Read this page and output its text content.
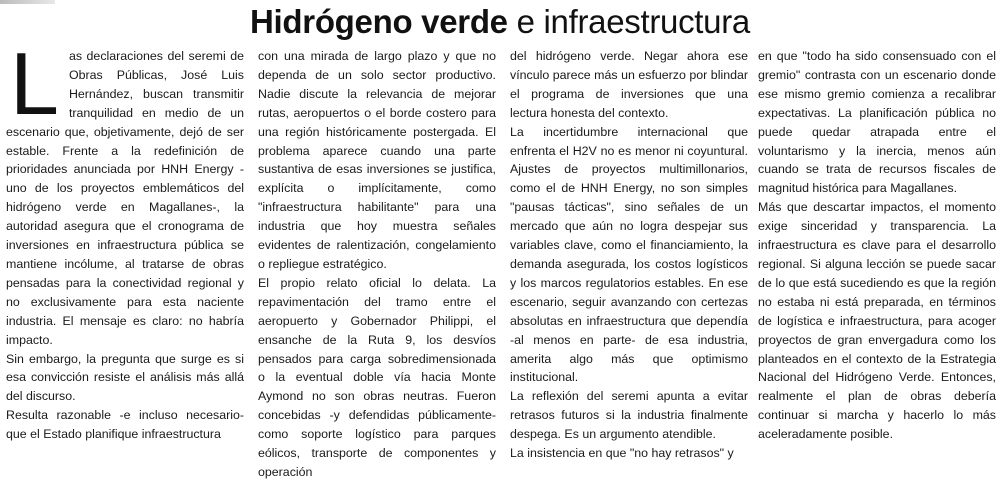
Hidrógeno verde e infraestructura
L as declaraciones del seremi de Obras Públicas, José Luis Hernández, buscan transmitir tranquilidad en medio de un escenario que, objetivamente, dejó de ser estable. Frente a la redefinición de prioridades anunciada por HNH Energy -uno de los proyectos emblemáticos del hidrógeno verde en Magallanes-, la autoridad asegura que el cronograma de inversiones en infraestructura pública se mantiene incólume, al tratarse de obras pensadas para la conectividad regional y no exclusivamente para esta naciente industria. El mensaje es claro: no habría impacto.

Sin embargo, la pregunta que surge es si esa convicción resiste el análisis más allá del discurso.

Resulta razonable -e incluso necesario- que el Estado planifique infraestructura

con una mirada de largo plazo y que no dependa de un solo sector productivo. Nadie discute la relevancia de mejorar rutas, aeropuertos o el borde costero para una región históricamente postergada. El problema aparece cuando una parte sustantiva de esas inversiones se justifica, explícita o implícitamente, como "infraestructura habilitante" para una industria que hoy muestra señales evidentes de ralentización, congelamiento o repliegue estratégico.

El propio relato oficial lo delata. La repavimentación del tramo entre el aeropuerto y Gobernador Philippi, el ensanche de la Ruta 9, los desvíos pensados para carga sobredimensionada o la eventual doble vía hacia Monte Aymond no son obras neutras. Fueron concebidas -y defendidas públicamente- como soporte logístico para parques eólicos, transporte de componentes y operación

del hidrógeno verde. Negar ahora ese vínculo parece más un esfuerzo por blindar el programa de inversiones que una lectura honesta del contexto.

La incertidumbre internacional que enfrenta el H2V no es menor ni coyuntural. Ajustes de proyectos multimillonarios, como el de HNH Energy, no son simples "pausas tácticas", sino señales de un mercado que aún no logra despejar sus variables clave, como el financiamiento, la demanda asegurada, los costos logísticos y los marcos regulatorios estables. En ese escenario, seguir avanzando con certezas absolutas en infraestructura que dependía -al menos en parte- de esa industria, amerita algo más que optimismo institucional.

La reflexión del seremi apunta a evitar retrasos futuros si la industria finalmente despega. Es un argumento atendible.

La insistencia en que "no hay retrasos" y

en que "todo ha sido consensuado con el gremio" contrasta con un escenario donde ese mismo gremio comienza a recalibrar expectativas. La planificación pública no puede quedar atrapada entre el voluntarismo y la inercia, menos aún cuando se trata de recursos fiscales de magnitud histórica para Magallanes.

Más que descartar impactos, el momento exige sinceridad y transparencia. La infraestructura es clave para el desarrollo regional. Si alguna lección se puede sacar de lo que está sucediendo es que la región no estaba ni está preparada, en términos de logística e infraestructura, para acoger proyectos de gran envergadura como los planteados en el contexto de la Estrategia Nacional del Hidrógeno Verde. Entonces, realmente el plan de obras debería continuar si marcha y hacerlo lo más aceleradamente posible.
